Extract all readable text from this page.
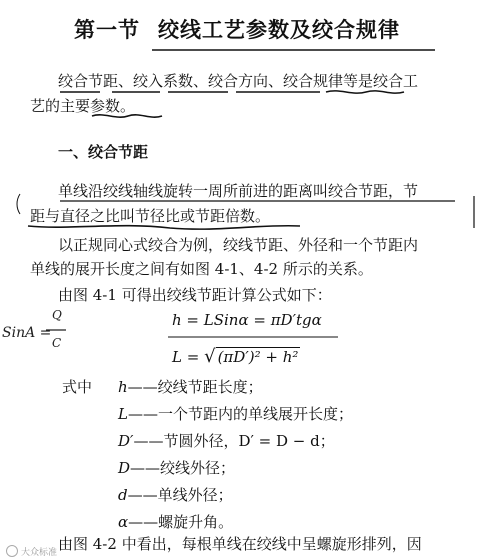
第一节 绞线工艺参数及绞合规律
绞合节距、绞入系数、绞合方向、绞合规律等是绞合工
艺的主要参数。
一、绞合节距
单线沿绞线轴线旋转一周所前进的距离叫绞合节距，节
距与直径之比叫节径比或节距倍数。
以正规同心式绞合为例，绞线节距、外径和一个节距内
单线的展开长度之间有如图 4-1、4-2 所示的关系。
由图 4-1 可得出绞线节距计算公式如下：
h = LSinα = πD′tgα
L = √ (πD′)² + h²
SinA =
Q
C
式中 h——绞线节距长度；
L——一个节距内的单线展开长度；
D′——节圆外径，D′ = D − d；
D——绞线外径；
d——单线外径；
α——螺旋升角。
由图 4-2 中看出，每根单线在绞线中呈螺旋形排列，因
大众标准
